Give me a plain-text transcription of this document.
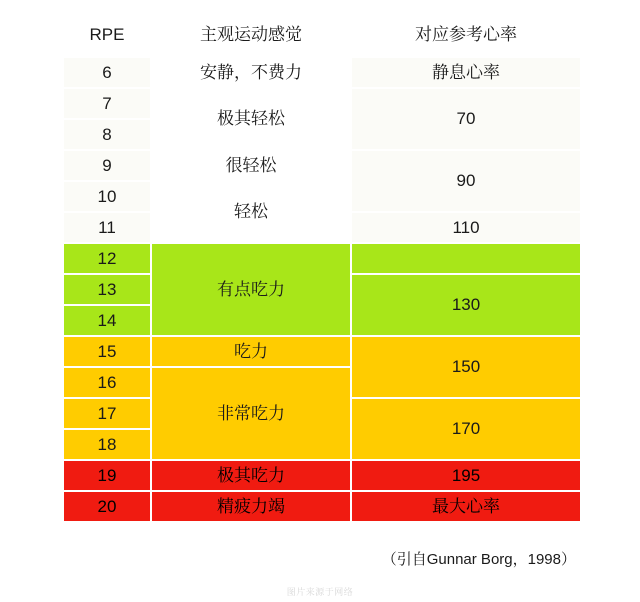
RPE	主观运动感觉	对应参考心率
6	安静，不费力	静息心率
7	极其轻松	70
8		
9	很轻松	90
10	轻松	
11		110
12	有点吃力	
13		130
14		
15	吃力	150
16	非常吃力	
17		170
18		
19	极其吃力	195
20	精疲力竭	最大心率
（引自Gunnar Borg，1998）
图片来源于网络
